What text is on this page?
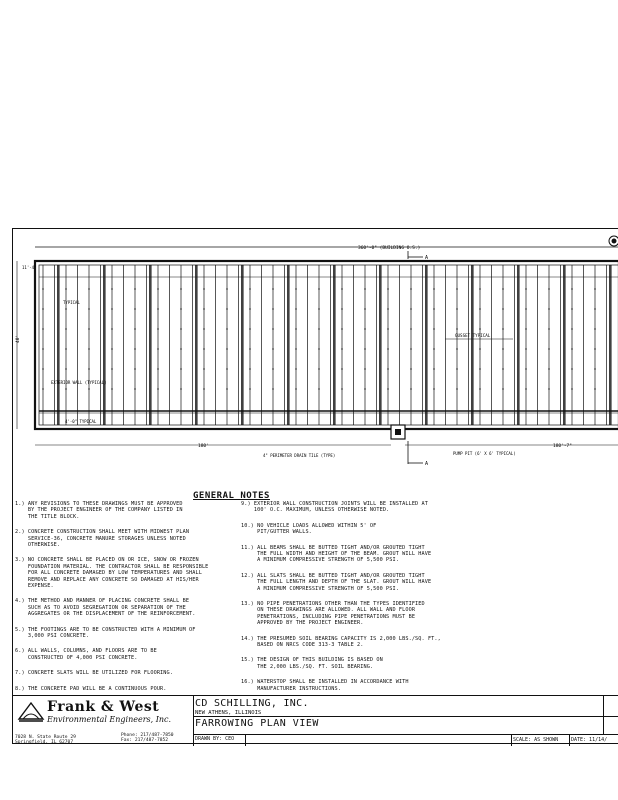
360'-0" (BUILDING O.S.)
A
40'
11'-4"
TYPICAL
EXTERIOR WALL (TYPICAL)
GUSSET TYPICAL
4'-0" TYPICAL
180'	180'-7"
4" PERIMETER DRAIN TILE (TYPE)
A
PUMP PIT (6' X 6' TYPICAL)
GENERAL NOTES
Frank & West
Environmental Engineers, Inc.
7028 N. State Route 29
Springfield, IL 62707
Phone: 217/487-7850
Fax: 217/487-7852
CD SCHILLING, INC.
NEW ATHENS, ILLINOIS
FARROWING PLAN VIEW
DRAWN BY: CEO	SCALE: AS SHOWN	DATE: 11/14/
1.) ANY REVISIONS TO THESE DRAWINGS MUST BE APPROVED
BY THE PROJECT ENGINEER OF THE COMPANY LISTED IN
THE TITLE BLOCK.
2.) CONCRETE CONSTRUCTION SHALL MEET WITH MIDWEST PLAN
SERVICE-36, CONCRETE MANURE STORAGES UNLESS NOTED
OTHERWISE.
3.) NO CONCRETE SHALL BE PLACED ON OR ICE, SNOW OR FROZEN
FOUNDATION MATERIAL. THE CONTRACTOR SHALL BE RESPONSIBLE
FOR ALL CONCRETE DAMAGED BY LOW TEMPERATURES AND SHALL
REMOVE AND REPLACE ANY CONCRETE SO DAMAGED AT HIS/HER
EXPENSE.
4.) THE METHOD AND MANNER OF PLACING CONCRETE SHALL BE
SUCH AS TO AVOID SEGREGATION OR SEPARATION OF THE
AGGREGATES OR THE DISPLACEMENT OF THE REINFORCEMENT.
5.) THE FOOTINGS ARE TO BE CONSTRUCTED WITH A MINIMUM OF
3,000 PSI CONCRETE.
6.) ALL WALLS, COLUMNS, AND FLOORS ARE TO BE
CONSTRUCTED OF 4,000 PSI CONCRETE.
7.) CONCRETE SLATS WILL BE UTILIZED FOR FLOORING.
8.) THE CONCRETE PAD WILL BE A CONTINUOUS POUR.
9.) EXTERIOR WALL CONSTRUCTION JOINTS WILL BE INSTALLED AT
100' O.C. MAXIMUM, UNLESS OTHERWISE NOTED.
10.) NO VEHICLE LOADS ALLOWED WITHIN 5' OF
PIT/GUTTER WALLS.
11.) ALL BEAMS SHALL BE BUTTED TIGHT AND/OR GROUTED TIGHT
THE FULL WIDTH AND HEIGHT OF THE BEAM. GROUT WILL HAVE
A MINIMUM COMPRESSIVE STRENGTH OF 5,500 PSI.
12.) ALL SLATS SHALL BE BUTTED TIGHT AND/OR GROUTED TIGHT
THE FULL LENGTH AND DEPTH OF THE SLAT. GROUT WILL HAVE
A MINIMUM COMPRESSIVE STRENGTH OF 5,500 PSI.
13.) NO PIPE PENETRATIONS OTHER THAN THE TYPES IDENTIFIED
ON THESE DRAWINGS ARE ALLOWED. ALL WALL AND FLOOR
PENETRATIONS, INCLUDING PIPE PENETRATIONS MUST BE
APPROVED BY THE PROJECT ENGINEER.
14.) THE PRESUMED SOIL BEARING CAPACITY IS 2,000 LBS./SQ. FT.,
BASED ON NRCS CODE 313-3 TABLE 2.
15.) THE DESIGN OF THIS BUILDING IS BASED ON
THE 2,000 LBS./SQ. FT. SOIL BEARING.
16.) WATERSTOP SHALL BE INSTALLED IN ACCORDANCE WITH
MANUFACTURER INSTRUCTIONS.
